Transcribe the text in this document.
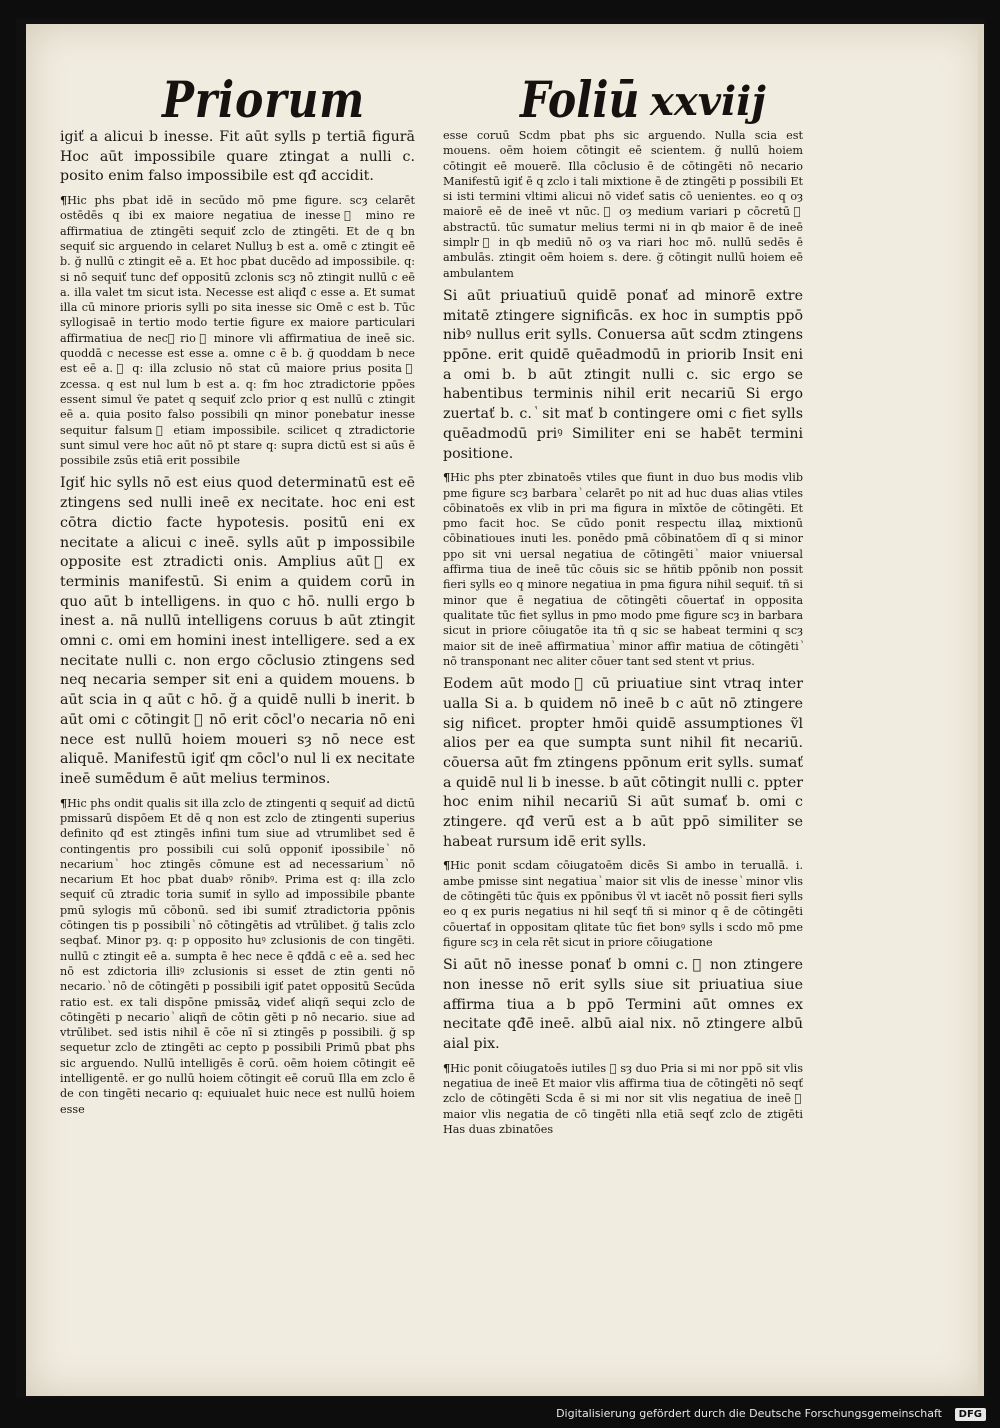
Priorum	Foliū xxviij

igiť a alicui b inesse. Fit aūt sylls p tertiā figurā Hoc aūt impossibile quare ztingat a nulli c. posito enim falso impossibile est qđ accidit.

¶Hic phs pbat idē in secūdo mō pme figure. scȝ celarēt ostēdēs q ibi ex maiore negatiua de inesse ᷣ mino re affirmatiua de ztingēti sequiť zclo de ztingēti. Et de q bn sequiť sic arguendo in celaret Nulluȝ b est a. omē c ztingit eē b. ğ nullū c ztingit eē a. Et hoc pbat ducēdo ad impossibile. q: si nō sequiť tunc def oppositū zclonis scȝ nō ztingit nullū c eē a. illa valet tm sicut ista. Necesse est aliqđ c esse a. Et sumat illa cū minore prioris sylli po sita inesse sic Omē c est b. Tūc syllogisaē in tertio modo tertie figure ex maiore particulari affirmatiua de necᷣ rio ᷣ minore vli affirmatiua de ineē sic. quoddā c necesse est esse a. omne c ē b. ğ quoddam b nece est eē a. ᷣ q: illa zclusio nō stat cū maiore prius posita ᷣ zcessa. q est nul lum b est a. q: fm hoc ztradictorie ppōes essent simul ṽe patet q sequiť zclo prior q est nullū c ztingit eē a. quia posito falso possibili qn minor ponebatur inesse sequitur falsum ᷣ etiam impossibile. scilicet q ztradictorie sunt simul vere hoc aūt nō pt stare q: supra dictū est si aūs ē possibile zsūs etiā erit possibile

Igiť hic sylls nō est eius quod determinatū est eē ztingens sed nulli ineē ex necitate. hoc eni est cōtra dictio facte hypotesis. positū eni ex necitate a alicui c ineē. sylls aūt p impossibile opposite est ztradicti onis. Amplius aūt ᷣ ex terminis manifestū. Si enim a quidem corū in quo aūt b intelligens. in quo c hō. nulli ergo b inest a. nā nullū intelligens coruus b aūt ztingit omni c. omi em homini inest intelligere. sed a ex necitate nulli c. non ergo cōclusio ztingens sed neq necaria semper sit eni a quidem mouens. b aūt scia in q aūt c hō. ğ a quidē nulli b inerit. b aūt omi c cōtingit ᷣ nō erit cōcl'o necaria nō eni nece est nullū hoiem moueri sȝ nō nece est aliquē. Manifestū igiť qm cōcl'o nul li ex necitate ineē sumēdum ē aūt melius terminos.

¶Hic phs ondit qualis sit illa zclo de ztingenti q sequiť ad dictū pmissarū dispōem Et dē q non est zclo de ztingenti superius definito qđ est ztingēs infini tum siue ad vtrumlibet sed ē contingentis pro possibili cui solū opponiť ipossibile ᷣ nō necarium ᷣ hoc ztingēs cōmune est ad necessarium ᷣ nō necarium Et hoc pbat duabꝰ rōnibꝰ. Prima est q: illa zclo sequiť cū ztradic toria sumiť in syllo ad impossibile pbante pmū sylogis mū cōbonū. sed ibi sumiť ztradictoria ppōnis cōtingen tis p possibili ᷣ nō cōtingētis ad vtrūlibet. ğ talis zclo seqbať. Minor pȝ. q: p opposito huꝰ zclusionis de con tingēti. nullū c ztingit eē a. sumpta ē hec nece ē qđdā c eē a. sed hec nō est zdictoria illiꝰ zclusionis si esset de ztin genti nō necario. ᷣ nō de cōtingēti p possibili igiť patet oppositū Secūda ratio est. ex tali dispōne pmissāꝝ videť aliqñ sequi zclo de cōtingēti p necario ᷣ aliqñ de cōtin gēti p nō necario. siue ad vtrūlibet. sed istis nihil ē cōe nī si ztingēs p possibili. ğ sp sequetur zclo de ztingēti ac cepto p possibili Primū pbat phs sic arguendo. Nullū intelligēs ē corū. oēm hoiem cōtingit eē intelligentē. er go nullū hoiem cōtingit eē coruū Illa em zclo ē de con tingēti necario q: equiualet huic nece est nullū hoiem esse

esse coruū Scdm pbat phs sic arguendo. Nulla scia est mouens. oēm hoiem cōtingit eē scientem. ğ nullū hoiem cōtingit eē mouerē. Illa cōclusio ē de cōtingēti nō necario Manifestū igiť ē q zclo i tali mixtione ē de ztingēti p possibili Et si isti termini vltimi alicui nō videť satis cō uenientes. eo q oȝ maiorē eē de ineē vt nūc. ᷣ oȝ medium variari p cōcretū ᷣ abstractū. tūc sumatur melius termi ni in qb maior ē de ineē simplr ᷣ in qb mediū nō oȝ va riari hoc mō. nullū sedēs ē ambulās. ztingit oēm hoiem s. dere. ğ cōtingit nullū hoiem eē ambulantem

Si aūt priuatiuū quidē ponať ad minorē extre mitatē ztingere significās. ex hoc in sumptis ppō nibꝰ nullus erit sylls. Conuersa aūt scdm ztingens ppōne. erit quidē quēadmodū in priorib Insit eni a omi b. b aūt ztingit nulli c. sic ergo se habentibus terminis nihil erit necariū Si ergo zuertať b. c. ᷣ sit mať b contingere omi c fiet sylls quēadmodū priꝰ Similiter eni se habēt termini positione.

¶Hic phs pter zbinatoēs vtiles que fiunt in duo bus modis vlib pme figure scȝ barbara ᷣ celarēt po nit ad huc duas alias vtiles cōbinatoēs ex vlib in pri ma figura in mīxtōe de cōtingēti. Et pmo facit hoc. Se cūdo ponit respectu illaꝝ mixtionū cōbinatioues inuti les. ponēdo pmā cōbinatōem dī q si minor ppo sit vni uersal negatiua de cōtingēti ᷣ maior vniuersal affirma tiua de ineē tūc cōuis sic se hñtib ppōnib non possit fieri sylls eo q minore negatiua in pma figura nihil sequiť. tñ si minor que ē negatiua de cōtingēti cōuertať in opposita qualitate tūc fiet syllus in pmo modo pme figure scȝ in barbara sicut in priore cōiugatōe ita tñ q sic se habeat termini q scȝ maior sit de ineē affirmatiua ᷣ minor affir matiua de cōtingēti ᷣ nō transponant nec aliter cōuer tant sed stent vt prius.

Eodem aūt modo ᷣ cū priuatiue sint vtraq inter ualla Si a. b quidem nō ineē b c aūt nō ztingere sig nificet. propter hmōi quidē assumptiones ṽl alios per ea que sumpta sunt nihil fit necariū. cōuersa aūt fm ztingens ppōnum erit sylls. sumať a quidē nul li b inesse. b aūt cōtingit nulli c. ppter hoc enim nihil necariū Si aūt sumať b. omi c ztingere. qđ verū est a b aūt ppō similiter se habeat rursum idē erit sylls.

¶Hic ponit scdam cōiugatoēm dicēs Si ambo in teruallā. i. ambe pmisse sint negatiua ᷣ maior sit vlis de inesse ᷣ minor vlis de cōtingēti tūc q̄uis ex ppōnibus ṽl vt iacēt nō possit fieri sylls eo q ex puris negatius ni hil seqť tñ si minor q ē de cōtingēti cōuertať in oppositam qlitate tūc fiet bonꝰ sylls i scdo mō pme figure scȝ in cela rēt sicut in priore cōiugatione

Si aūt nō inesse ponať b omni c. ᷣ non ztingere non inesse nō erit sylls siue sit priuatiua siue affirma tiua a b ppō Termini aūt omnes ex necitate qđē ineē. albū aial nix. nō ztingere albū aial pix.

¶Hic ponit cōiugatoēs iutiles ᷣ sȝ duo Pria si mi nor ppō sit vlis negatiua de ineē Et maior vlis affirma tiua de cōtingēti nō seqť zclo de cōtingēti Scda ē si mi nor sit vlis negatiua de ineē ᷣ maior vlis negatia de cō tingēti nlla etiā seqť zclo de ztigēti Has duas zbinatōes

Digitalisierung gefördert durch die Deutsche Forschungsgemeinschaft	DFG
